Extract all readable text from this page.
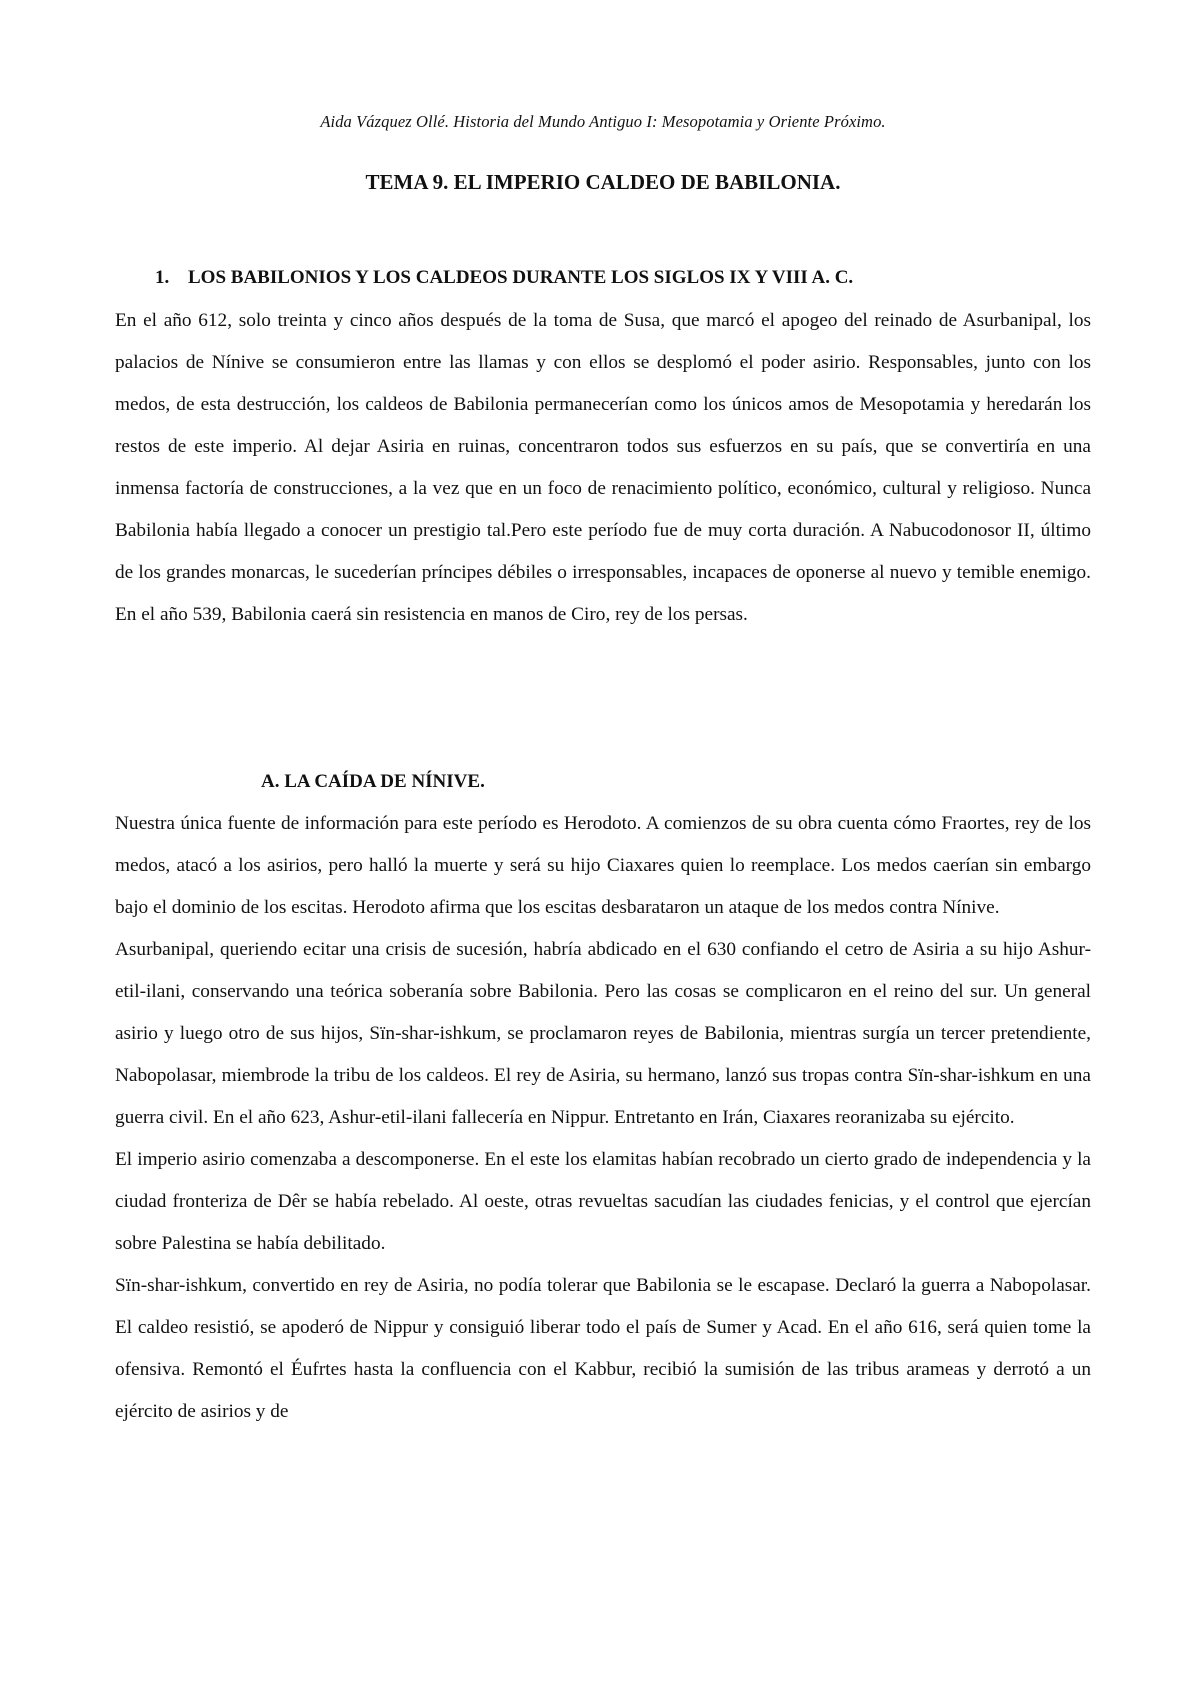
Aida Vázquez Ollé. Historia del Mundo Antiguo I: Mesopotamia y Oriente Próximo.
TEMA 9. EL IMPERIO CALDEO DE BABILONIA.
1. LOS BABILONIOS Y LOS CALDEOS DURANTE LOS SIGLOS IX Y VIII A. C.

En el año 612, solo treinta y cinco años después de la toma de Susa, que marcó el apogeo del reinado de Asurbanipal, los palacios de Nínive se consumieron entre las llamas y con ellos se desplomó el poder asirio. Responsables, junto con los medos, de esta destrucción, los caldeos de Babilonia permanecerían como los únicos amos de Mesopotamia y heredarán los restos de este imperio. Al dejar Asiria en ruinas, concentraron todos sus esfuerzos en su país, que se convertiría en una inmensa factoría de construcciones, a la vez que en un foco de renacimiento político, económico, cultural y religioso. Nunca Babilonia había llegado a conocer un prestigio tal.Pero este período fue de muy corta duración. A Nabucodonosor II, último de los grandes monarcas, le sucederían príncipes débiles o irresponsables, incapaces de oponerse al nuevo y temible enemigo. En el año 539, Babilonia caerá sin resistencia en manos de Ciro, rey de los persas.

A. LA CAÍDA DE NÍNIVE.

Nuestra única fuente de información para este período es Herodoto. A comienzos de su obra cuenta cómo Fraortes, rey de los medos, atacó a los asirios, pero halló la muerte y será su hijo Ciaxares quien lo reemplace. Los medos caerían sin embargo bajo el dominio de los escitas. Herodoto afirma que los escitas desbarataron un ataque de los medos contra Nínive.

Asurbanipal, queriendo ecitar una crisis de sucesión, habría abdicado en el 630 confiando el cetro de Asiria a su hijo Ashur-etil-ilani, conservando una teórica soberanía sobre Babilonia. Pero las cosas se complicaron en el reino del sur. Un general asirio y luego otro de sus hijos, Sïn-shar-ishkum, se proclamaron reyes de Babilonia, mientras surgía un tercer pretendiente, Nabopolasar, miembrode la tribu de los caldeos. El rey de Asiria, su hermano, lanzó sus tropas contra Sïn-shar-ishkum en una guerra civil. En el año 623, Ashur-etil-ilani fallecería en Nippur. Entretanto en Irán, Ciaxares reoranizaba su ejército.

El imperio asirio comenzaba a descomponerse. En el este los elamitas habían recobrado un cierto grado de independencia y la ciudad fronteriza de Dêr se había rebelado. Al oeste, otras revueltas sacudían las ciudades fenicias, y el control que ejercían sobre Palestina se había debilitado.

Sïn-shar-ishkum, convertido en rey de Asiria, no podía tolerar que Babilonia se le escapase. Declaró la guerra a Nabopolasar. El caldeo resistió, se apoderó de Nippur y consiguió liberar todo el país de Sumer y Acad. En el año 616, será quien tome la ofensiva. Remontó el Éufrtes hasta la confluencia con el Kabbur, recibió la sumisión de las tribus arameas y derrotó a un ejército de asirios y de
